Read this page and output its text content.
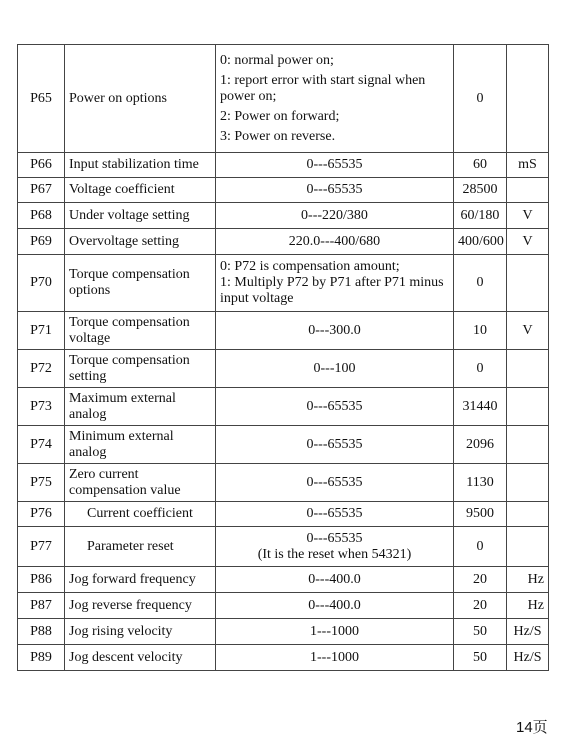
P65	Power on options	0: normal power on;
1: report error with start signal when power on;
2: Power on forward;
3: Power on reverse.	0	
P66	Input stabilization time	0---65535	60	mS
P67	Voltage coefficient	0---65535	28500	
P68	Under voltage setting	0---220/380	60/180	V
P69	Overvoltage setting	220.0---400/680	400/600	V
P70	Torque compensation options	0: P72 is compensation amount;
1: Multiply P72 by P71 after P71 minus input voltage	0	
P71	Torque compensation voltage	0---300.0	10	V
P72	Torque compensation setting	0---100	0	
P73	Maximum external analog	0---65535	31440	
P74	Minimum external analog	0---65535	2096	
P75	Zero current compensation value	0---65535	1130	
P76	Current coefficient	0---65535	9500	
P77	Parameter reset	0---65535
(It is the reset when 54321)	0	
P86	Jog forward frequency	0---400.0	20	Hz
P87	Jog reverse frequency	0---400.0	20	Hz
P88	Jog rising velocity	1---1000	50	Hz/S
P89	Jog descent velocity	1---1000	50	Hz/S
14页
